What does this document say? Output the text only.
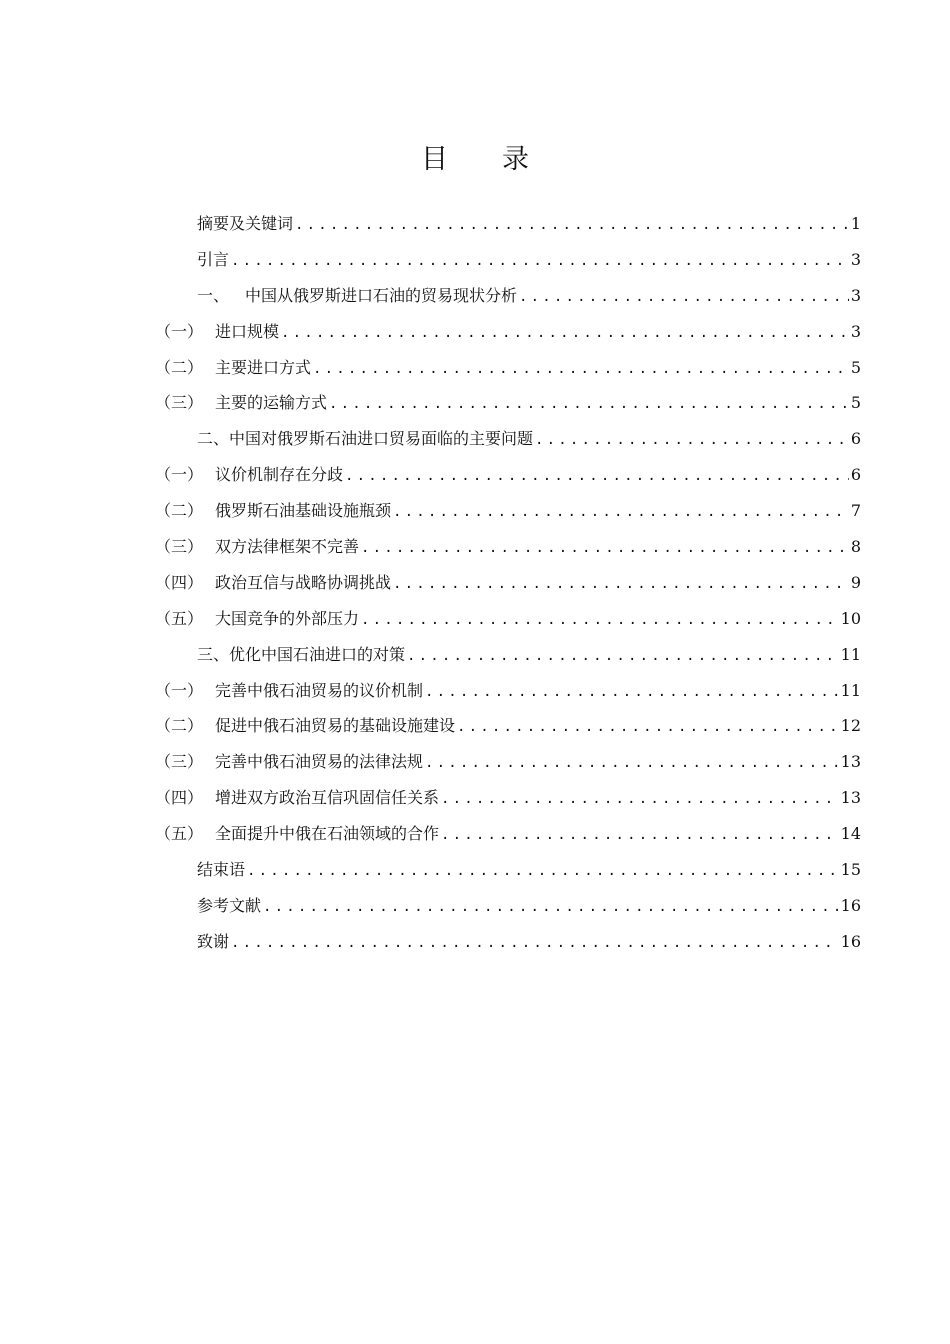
目录
摘要及关键词 .....	1
引言 .....	3
一、 中国从俄罗斯进口石油的贸易现状分析 .....	3
（一） 进口规模 .....	3
（二） 主要进口方式 .....	5
（三） 主要的运输方式 .....	5
二、中国对俄罗斯石油进口贸易面临的主要问题 .....	6
（一） 议价机制存在分歧 .....	6
（二） 俄罗斯石油基础设施瓶颈 .....	7
（三） 双方法律框架不完善 .....	8
（四） 政治互信与战略协调挑战 .....	9
（五） 大国竞争的外部压力 .....	10
三、优化中国石油进口的对策 .....	11
（一） 完善中俄石油贸易的议价机制 .....	11
（二） 促进中俄石油贸易的基础设施建设 .....	12
（三） 完善中俄石油贸易的法律法规 .....	13
（四） 增进双方政治互信巩固信任关系 .....	13
（五） 全面提升中俄在石油领域的合作 .....	14
结束语 .....	15
参考文献 .....	16
致谢 .....	16
